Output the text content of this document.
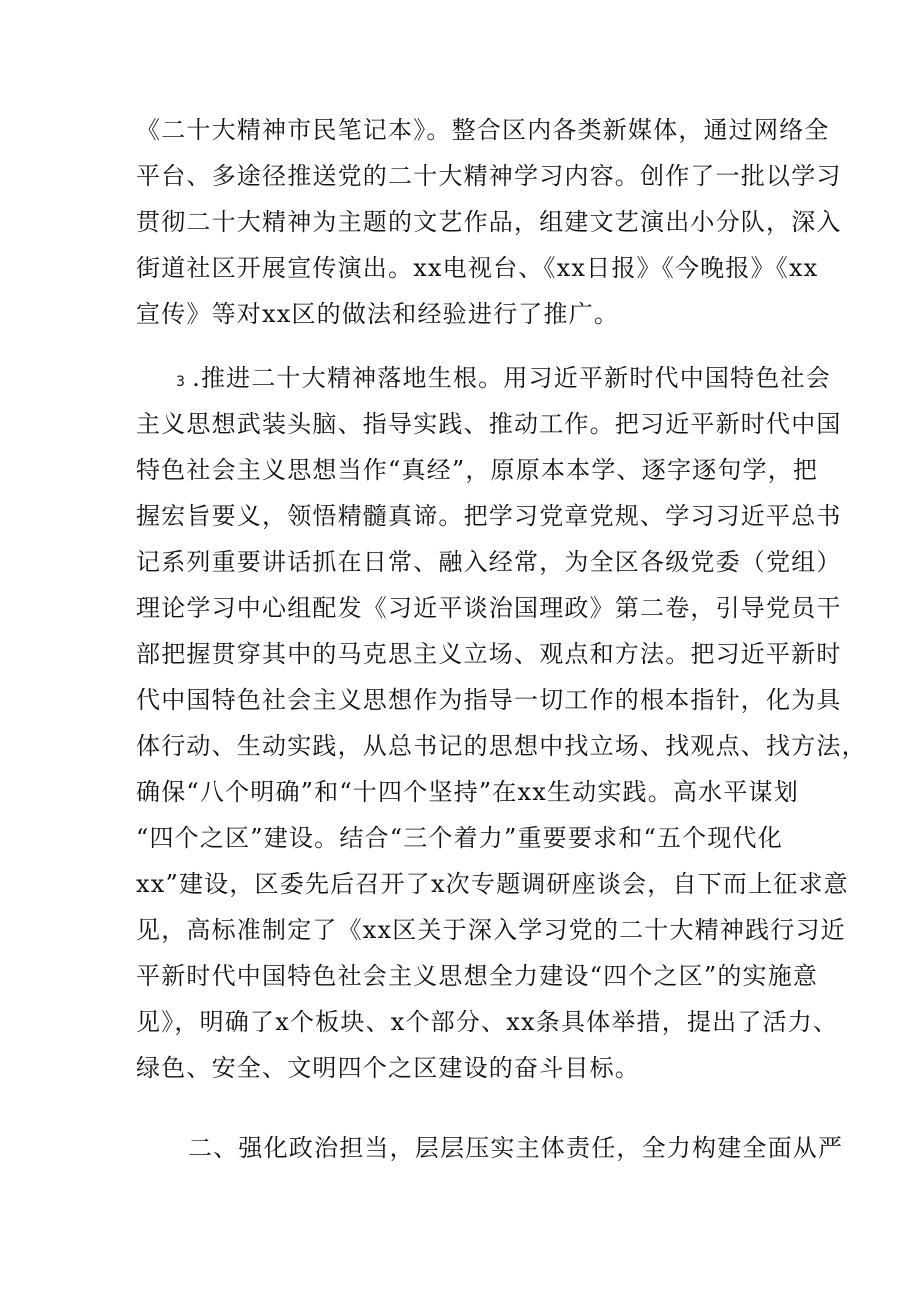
《二十大精神市民笔记本》。整合区内各类新媒体，通过网络全
平台、多途径推送党的二十大精神学习内容。创作了一批以学习
贯彻二十大精神为主题的文艺作品，组建文艺演出小分队，深入
街道社区开展宣传演出。xx电视台、《xx日报》《今晚报》《xx
宣传》等对xx区的做法和经验进行了推广。
3 .推进二十大精神落地生根。用习近平新时代中国特色社会
主义思想武装头脑、指导实践、推动工作。把习近平新时代中国
特色社会主义思想当作“真经”，原原本本学、逐字逐句学，把
握宏旨要义，领悟精髓真谛。把学习党章党规、学习习近平总书
记系列重要讲话抓在日常、融入经常，为全区各级党委（党组）
理论学习中心组配发《习近平谈治国理政》第二卷，引导党员干
部把握贯穿其中的马克思主义立场、观点和方法。把习近平新时
代中国特色社会主义思想作为指导一切工作的根本指针，化为具
体行动、生动实践，从总书记的思想中找立场、找观点、找方法，
确保“八个明确”和“十四个坚持”在xx生动实践。高水平谋划
“四个之区”建设。结合“三个着力”重要要求和“五个现代化
xx”建设，区委先后召开了x次专题调研座谈会，自下而上征求意
见，高标准制定了《xx区关于深入学习党的二十大精神践行习近
平新时代中国特色社会主义思想全力建设“四个之区”的实施意
见》，明确了x个板块、x个部分、xx条具体举措，提出了活力、
绿色、安全、文明四个之区建设的奋斗目标。
二、强化政治担当，层层压实主体责任，全力构建全面从严
